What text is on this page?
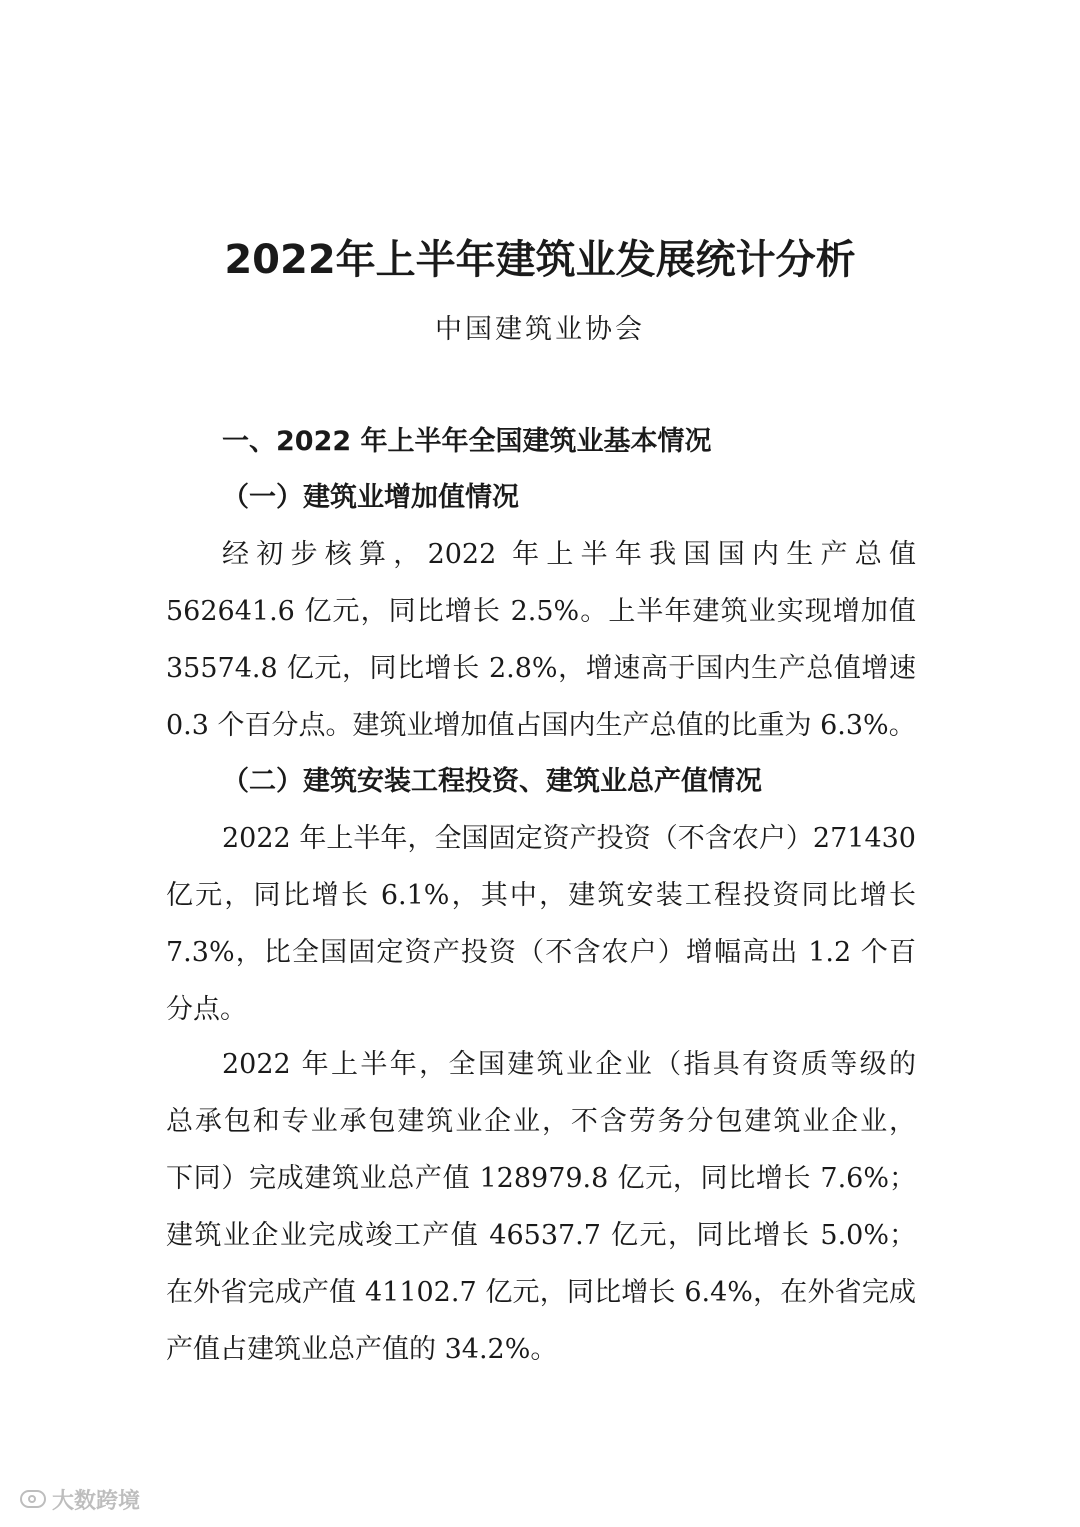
2022年上半年建筑业发展统计分析
中国建筑业协会
一、2022 年上半年全国建筑业基本情况
（一）建筑业增加值情况
经初步核算，2022 年上半年我国国内生产总值
562641.6 亿元，同比增长 2.5%。上半年建筑业实现增加值
35574.8 亿元，同比增长 2.8%，增速高于国内生产总值增速
0.3 个百分点。建筑业增加值占国内生产总值的比重为 6.3%。
（二）建筑安装工程投资、建筑业总产值情况
2022 年上半年，全国固定资产投资（不含农户）271430
亿元，同比增长 6.1%，其中，建筑安装工程投资同比增长
7.3%，比全国固定资产投资（不含农户）增幅高出 1.2 个百
分点。
2022 年上半年，全国建筑业企业（指具有资质等级的
总承包和专业承包建筑业企业，不含劳务分包建筑业企业，
下同）完成建筑业总产值 128979.8 亿元，同比增长 7.6%；
建筑业企业完成竣工产值 46537.7 亿元，同比增长 5.0%；
在外省完成产值 41102.7 亿元，同比增长 6.4%，在外省完成
产值占建筑业总产值的 34.2%。
大数跨境
